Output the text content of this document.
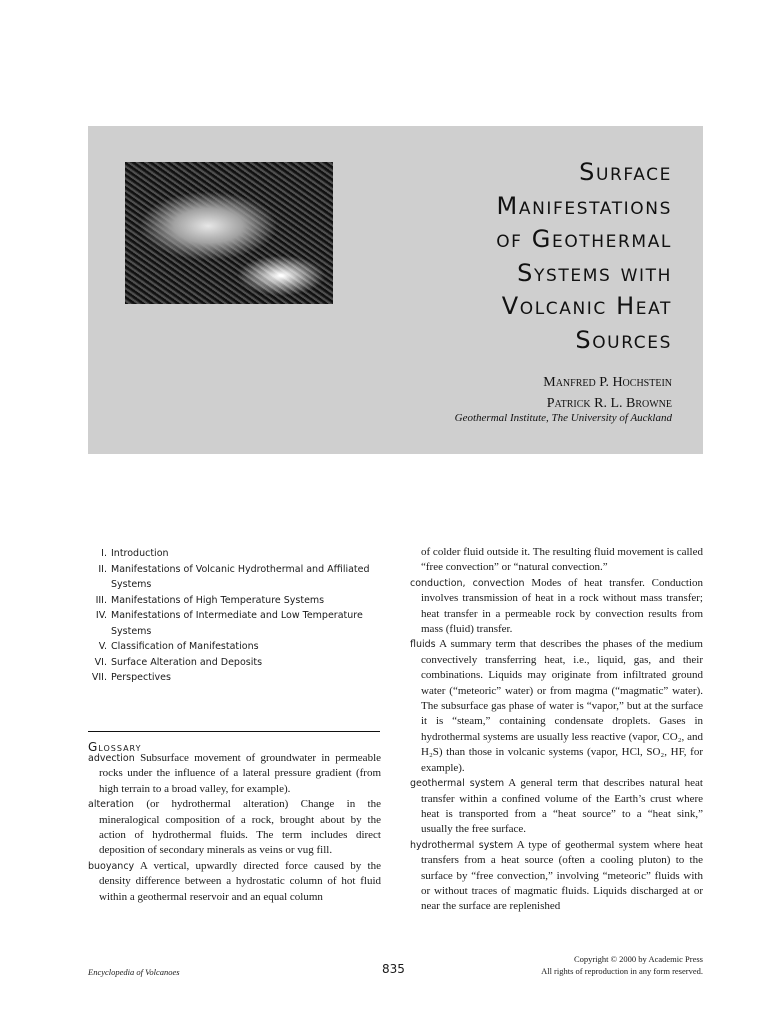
Surface
Manifestations
of Geothermal
Systems with
Volcanic Heat
Sources
Manfred P. Hochstein
Patrick R. L. Browne
Geothermal Institute, The University of Auckland
I. Introduction
II. Manifestations of Volcanic Hydrothermal and Affiliated Systems
III. Manifestations of High Temperature Systems
IV. Manifestations of Intermediate and Low Temperature Systems
V. Classification of Manifestations
VI. Surface Alteration and Deposits
VII. Perspectives
Glossary

advection Subsurface movement of groundwater in permeable rocks under the influence of a lateral pressure gradient (from high terrain to a broad valley, for example).

alteration (or hydrothermal alteration) Change in the mineralogical composition of a rock, brought about by the action of hydrothermal fluids. The term includes direct deposition of secondary minerals as veins or vug fill.

buoyancy A vertical, upwardly directed force caused by the density difference between a hydrostatic column of hot fluid within a geothermal reservoir and an equal column

of colder fluid outside it. The resulting fluid movement is called “free convection” or “natural convection.”

conduction, convection Modes of heat transfer. Conduction involves transmission of heat in a rock without mass transfer; heat transfer in a permeable rock by convection results from mass (fluid) transfer.

fluids A summary term that describes the phases of the medium convectively transferring heat, i.e., liquid, gas, and their combinations. Liquids may originate from infiltrated ground water (“meteoric” water) or from magma (“magmatic” water). The subsurface gas phase of water is “vapor,” but at the surface it is “steam,” containing condensate droplets. Gases in hydrothermal systems are usually less reactive (vapor, CO₂, and H₂S) than those in volcanic systems (vapor, HCl, SO₂, HF, for example).

geothermal system A general term that describes natural heat transfer within a confined volume of the Earth’s crust where heat is transported from a “heat source” to a “heat sink,” usually the free surface.

hydrothermal system A type of geothermal system where heat transfers from a heat source (often a cooling pluton) to the surface by “free convection,” involving “meteoric” fluids with or without traces of magmatic fluids. Liquids discharged at or near the surface are replenished

Encyclopedia of Volcanoes	835
Copyright © 2000 by Academic Press
All rights of reproduction in any form reserved.
